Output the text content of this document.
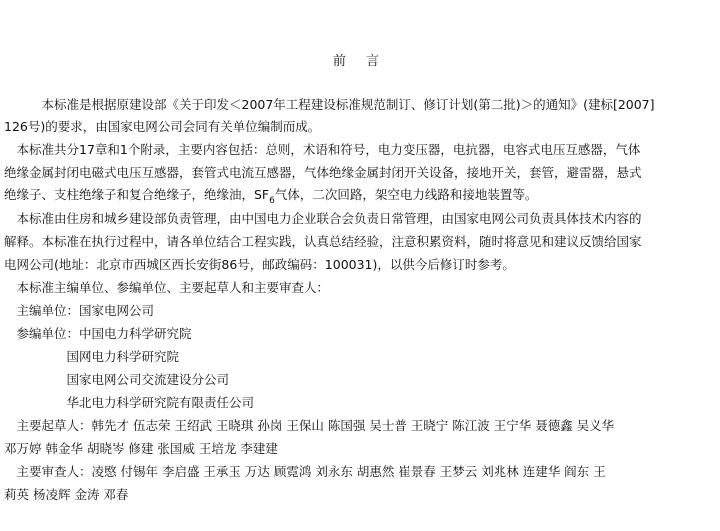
前 言
　　　本标准是根据原建设部《关于印发＜2007年工程建设标准规范制订、修订计划(第二批)＞的通知》(建标[2007]
126号)的要求，由国家电网公司会同有关单位编制而成。
　本标准共分17章和1个附录，主要内容包括：总则，术语和符号，电力变压器，电抗器，电容式电压互感器，气体
绝缘金属封闭电磁式电压互感器，套管式电流互感器，气体绝缘金属封闭开关设备，接地开关，套管，避雷器，悬式
绝缘子、支柱绝缘子和复合绝缘子，绝缘油，$SF_6$气体，二次回路，架空电力线路和接地装置等。
　本标准由住房和城乡建设部负责管理，由中国电力企业联合会负责日常管理，由国家电网公司负责具体技术内容的
解释。本标准在执行过程中，请各单位结合工程实践，认真总结经验，注意积累资料，随时将意见和建议反馈给国家
电网公司(地址：北京市西城区西长安街86号，邮政编码：100031)，以供今后修订时参考。
　本标准主编单位、参编单位、主要起草人和主要审查人：
　主编单位：国家电网公司
　参编单位：中国电力科学研究院
　　　　　国网电力科学研究院
　　　　　国家电网公司交流建设分公司
　　　　　华北电力科学研究院有限责任公司
　主要起草人：韩先才 伍志荣 王绍武 王晓琪 孙岗 王保山 陈国强 吴士普 王晓宁 陈江波 王宁华 聂德鑫 吴义华
邓万婷 韩金华 胡晓岑 修建 张国威 王培龙 李建建
　主要审查人：凌愍 付锡年 李启盛 王承玉 万达 顾霓鸿 刘永东 胡惠然 崔景春 王梦云 刘兆林 连建华 阎东 王
莉英 杨凌辉 金涛 邓春
